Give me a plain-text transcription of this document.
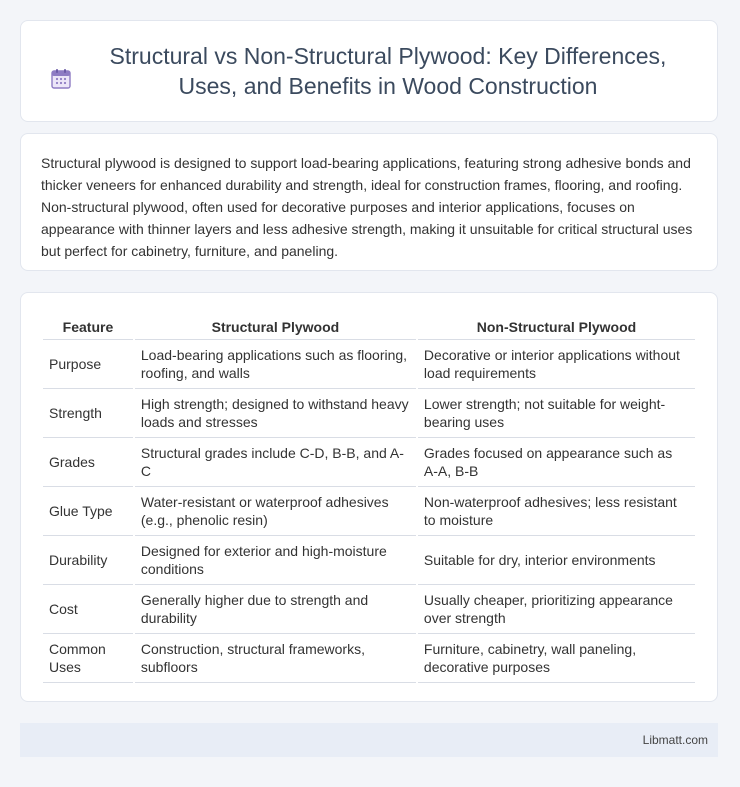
Structural vs Non-Structural Plywood: Key Differences, Uses, and Benefits in Wood Construction

Structural plywood is designed to support load-bearing applications, featuring strong adhesive bonds and thicker veneers for enhanced durability and strength, ideal for construction frames, flooring, and roofing. Non-structural plywood, often used for decorative purposes and interior applications, focuses on appearance with thinner layers and less adhesive strength, making it unsuitable for critical structural uses but perfect for cabinetry, furniture, and paneling.

Feature	Structural Plywood	Non-Structural Plywood
Purpose	Load-bearing applications such as flooring, roofing, and walls	Decorative or interior applications without load requirements
Strength	High strength; designed to withstand heavy loads and stresses	Lower strength; not suitable for weight-bearing uses
Grades	Structural grades include C-D, B-B, and A-C	Grades focused on appearance such as A-A, B-B
Glue Type	Water-resistant or waterproof adhesives (e.g., phenolic resin)	Non-waterproof adhesives; less resistant to moisture
Durability	Designed for exterior and high-moisture conditions	Suitable for dry, interior environments
Cost	Generally higher due to strength and durability	Usually cheaper, prioritizing appearance over strength
Common Uses	Construction, structural frameworks, subfloors	Furniture, cabinetry, wall paneling, decorative purposes
Libmatt.com
